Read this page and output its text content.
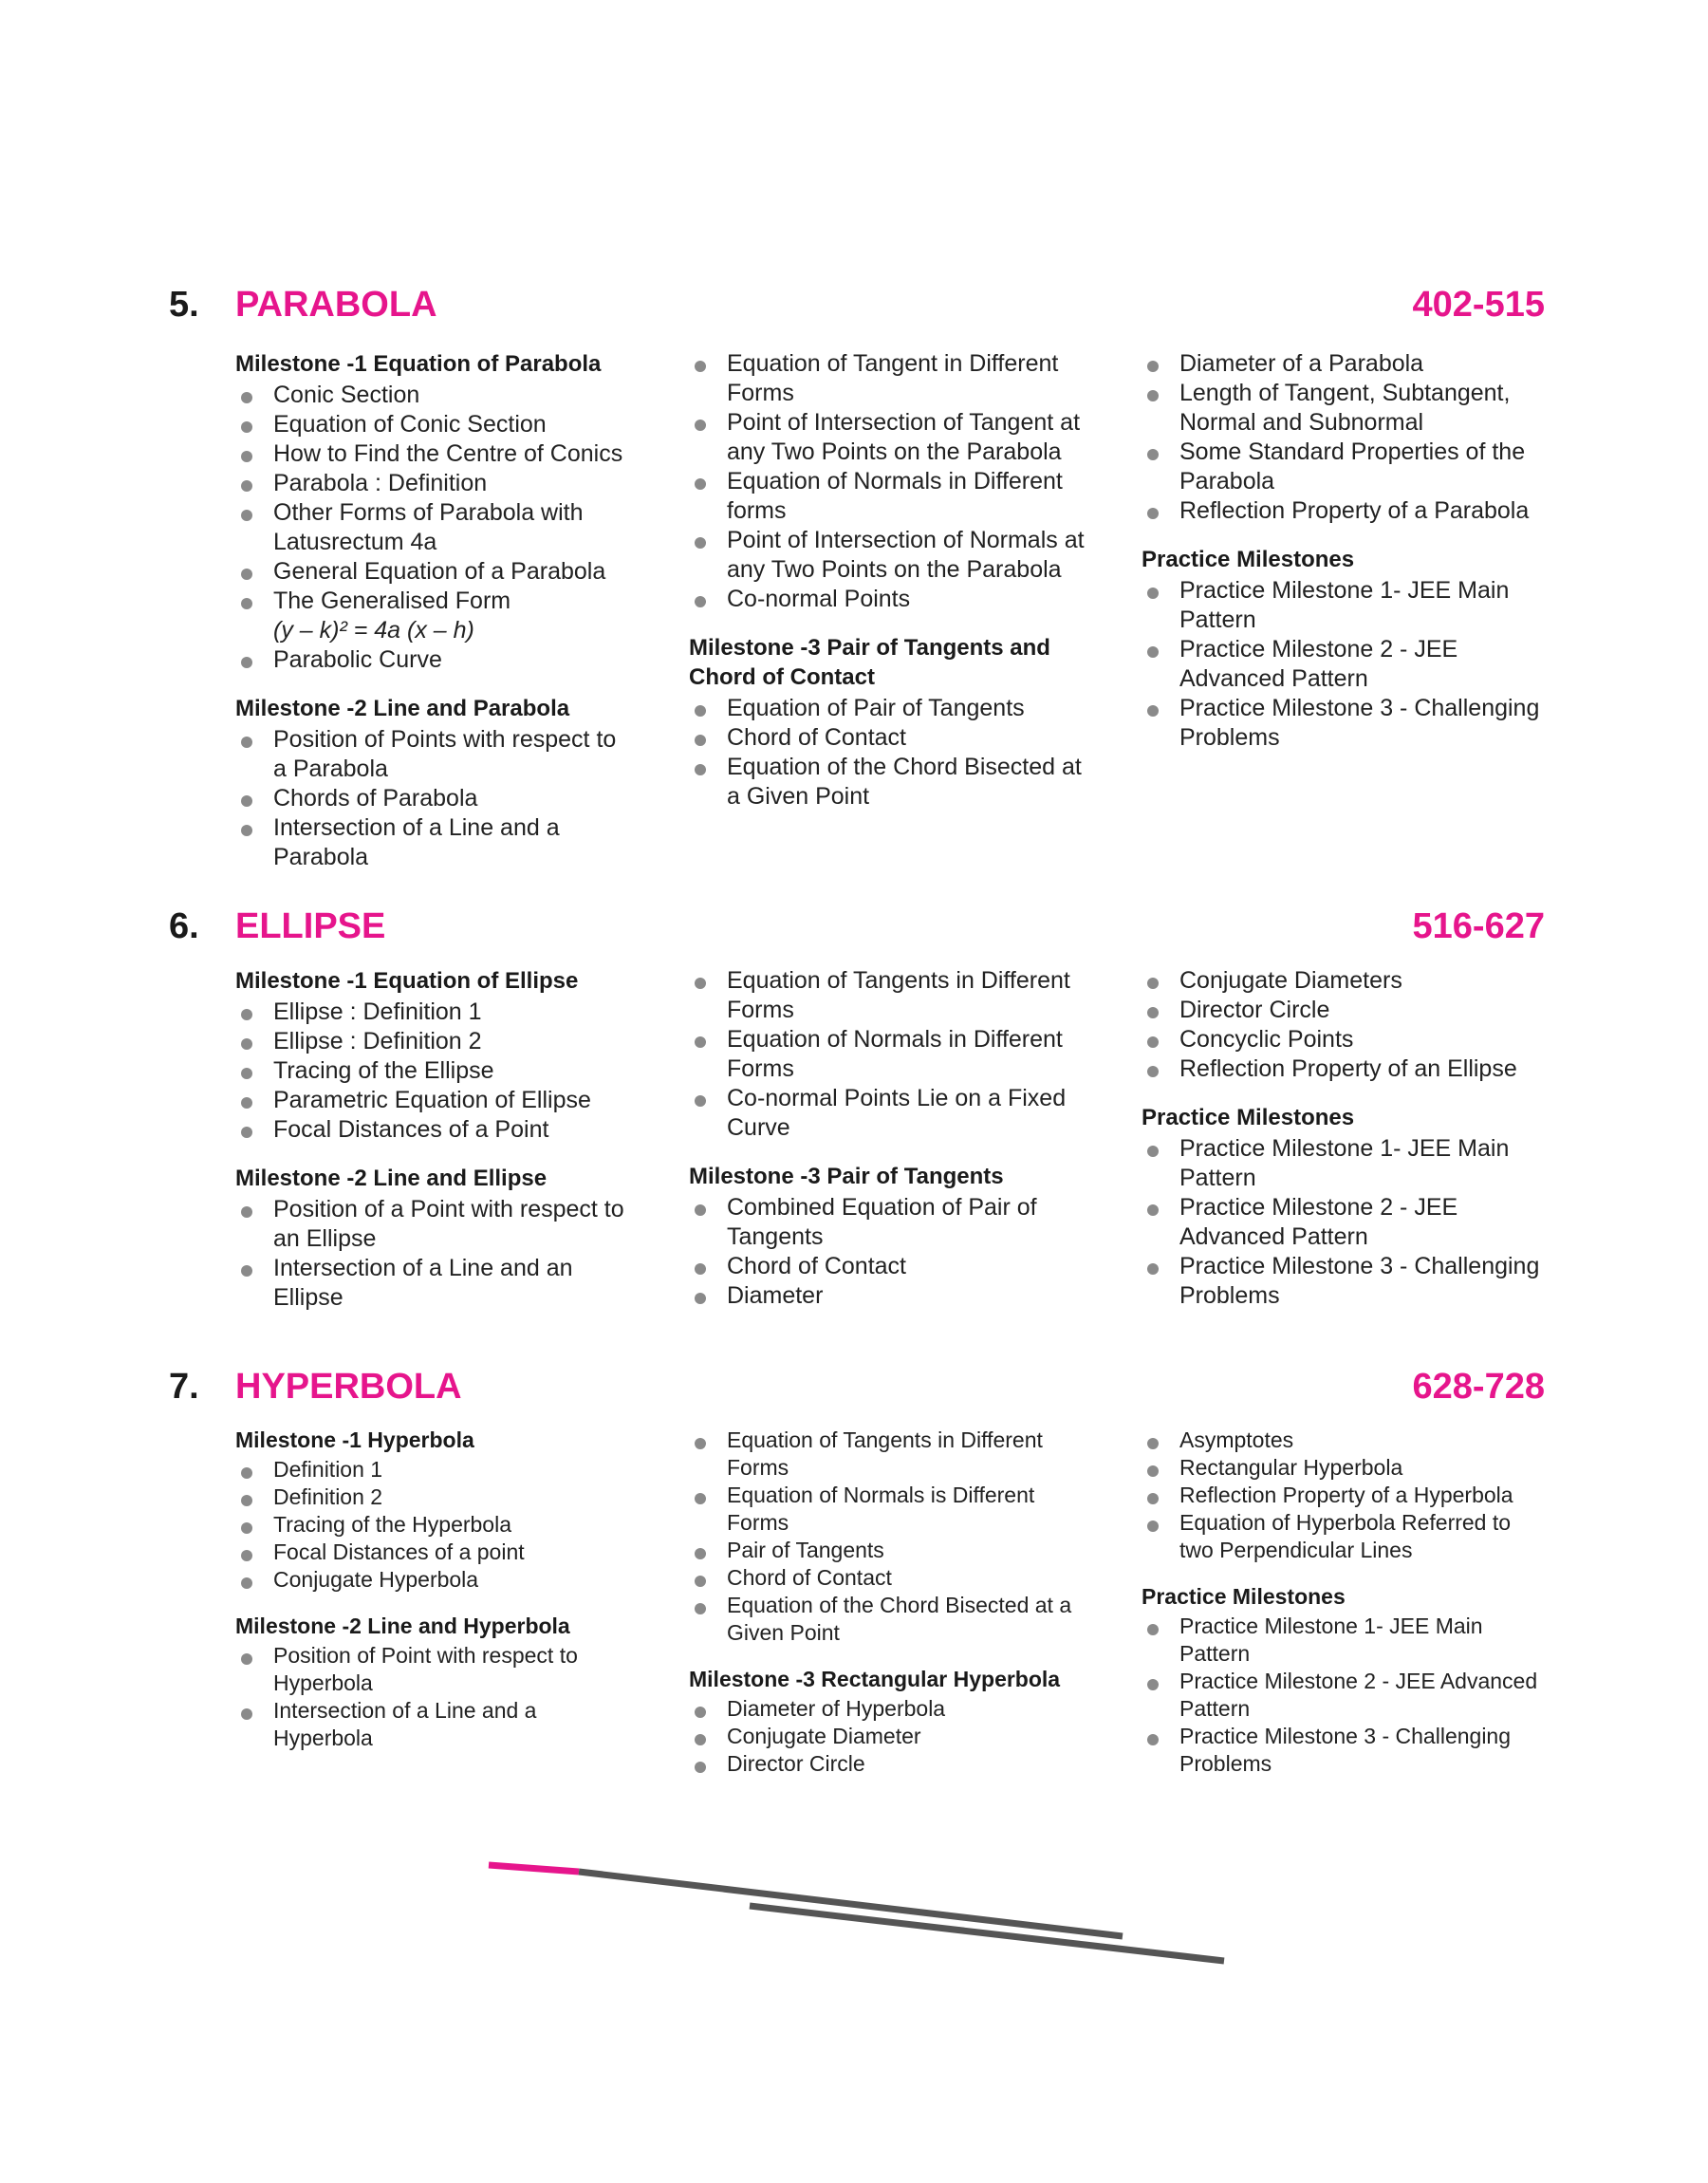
5. PARABOLA	402-515
Milestone -1 Equation of Parabola
Conic Section
Equation of Conic Section
How to Find the Centre of Conics
Parabola : Definition
Other Forms of Parabola with Latusrectum 4a
General Equation of a Parabola
The Generalised Form
(y – k)² = 4a (x – h)
Parabolic Curve
Milestone -2 Line and Parabola
Position of Points with respect to a Parabola
Chords of Parabola
Intersection of a Line and a Parabola
Equation of Tangent in Different Forms
Point of Intersection of Tangent at any Two Points on the Parabola
Equation of Normals in Different forms
Point of Intersection of Normals at any Two Points on the Parabola
Co-normal Points
Milestone -3 Pair of Tangents and Chord of Contact
Equation of Pair of Tangents
Chord of Contact
Equation of the Chord Bisected at a Given Point
Diameter of a Parabola
Length of Tangent, Subtangent, Normal and Subnormal
Some Standard Properties of the Parabola
Reflection Property of a Parabola
Practice Milestones
Practice Milestone 1- JEE Main Pattern
Practice Milestone 2 - JEE Advanced Pattern
Practice Milestone 3 - Challenging Problems
6. ELLIPSE	516-627
Milestone -1 Equation of Ellipse
Ellipse : Definition 1
Ellipse : Definition 2
Tracing of the Ellipse
Parametric Equation of Ellipse
Focal Distances of a Point
Milestone -2 Line and Ellipse
Position of a Point with respect to an Ellipse
Intersection of a Line and an Ellipse
Equation of Tangents in Different Forms
Equation of Normals in Different Forms
Co-normal Points Lie on a Fixed Curve
Milestone -3 Pair of Tangents
Combined Equation of Pair of Tangents
Chord of Contact
Diameter
Conjugate Diameters
Director Circle
Concyclic Points
Reflection Property of an Ellipse
Practice Milestones
Practice Milestone 1- JEE Main Pattern
Practice Milestone 2 - JEE Advanced Pattern
Practice Milestone 3 - Challenging Problems
7. HYPERBOLA	628-728
Milestone -1 Hyperbola
Definition 1
Definition 2
Tracing of the Hyperbola
Focal Distances of a point
Conjugate Hyperbola
Milestone -2 Line and Hyperbola
Position of Point with respect to Hyperbola
Intersection of a Line and a Hyperbola
Equation of Tangents in Different Forms
Equation of Normals is Different Forms
Pair of Tangents
Chord of Contact
Equation of the Chord Bisected at a Given Point
Milestone -3 Rectangular Hyperbola
Diameter of Hyperbola
Conjugate Diameter
Director Circle
Asymptotes
Rectangular Hyperbola
Reflection Property of a Hyperbola
Equation of Hyperbola Referred to two Perpendicular Lines
Practice Milestones
Practice Milestone 1- JEE Main Pattern
Practice Milestone 2 - JEE Advanced Pattern
Practice Milestone 3 - Challenging Problems
